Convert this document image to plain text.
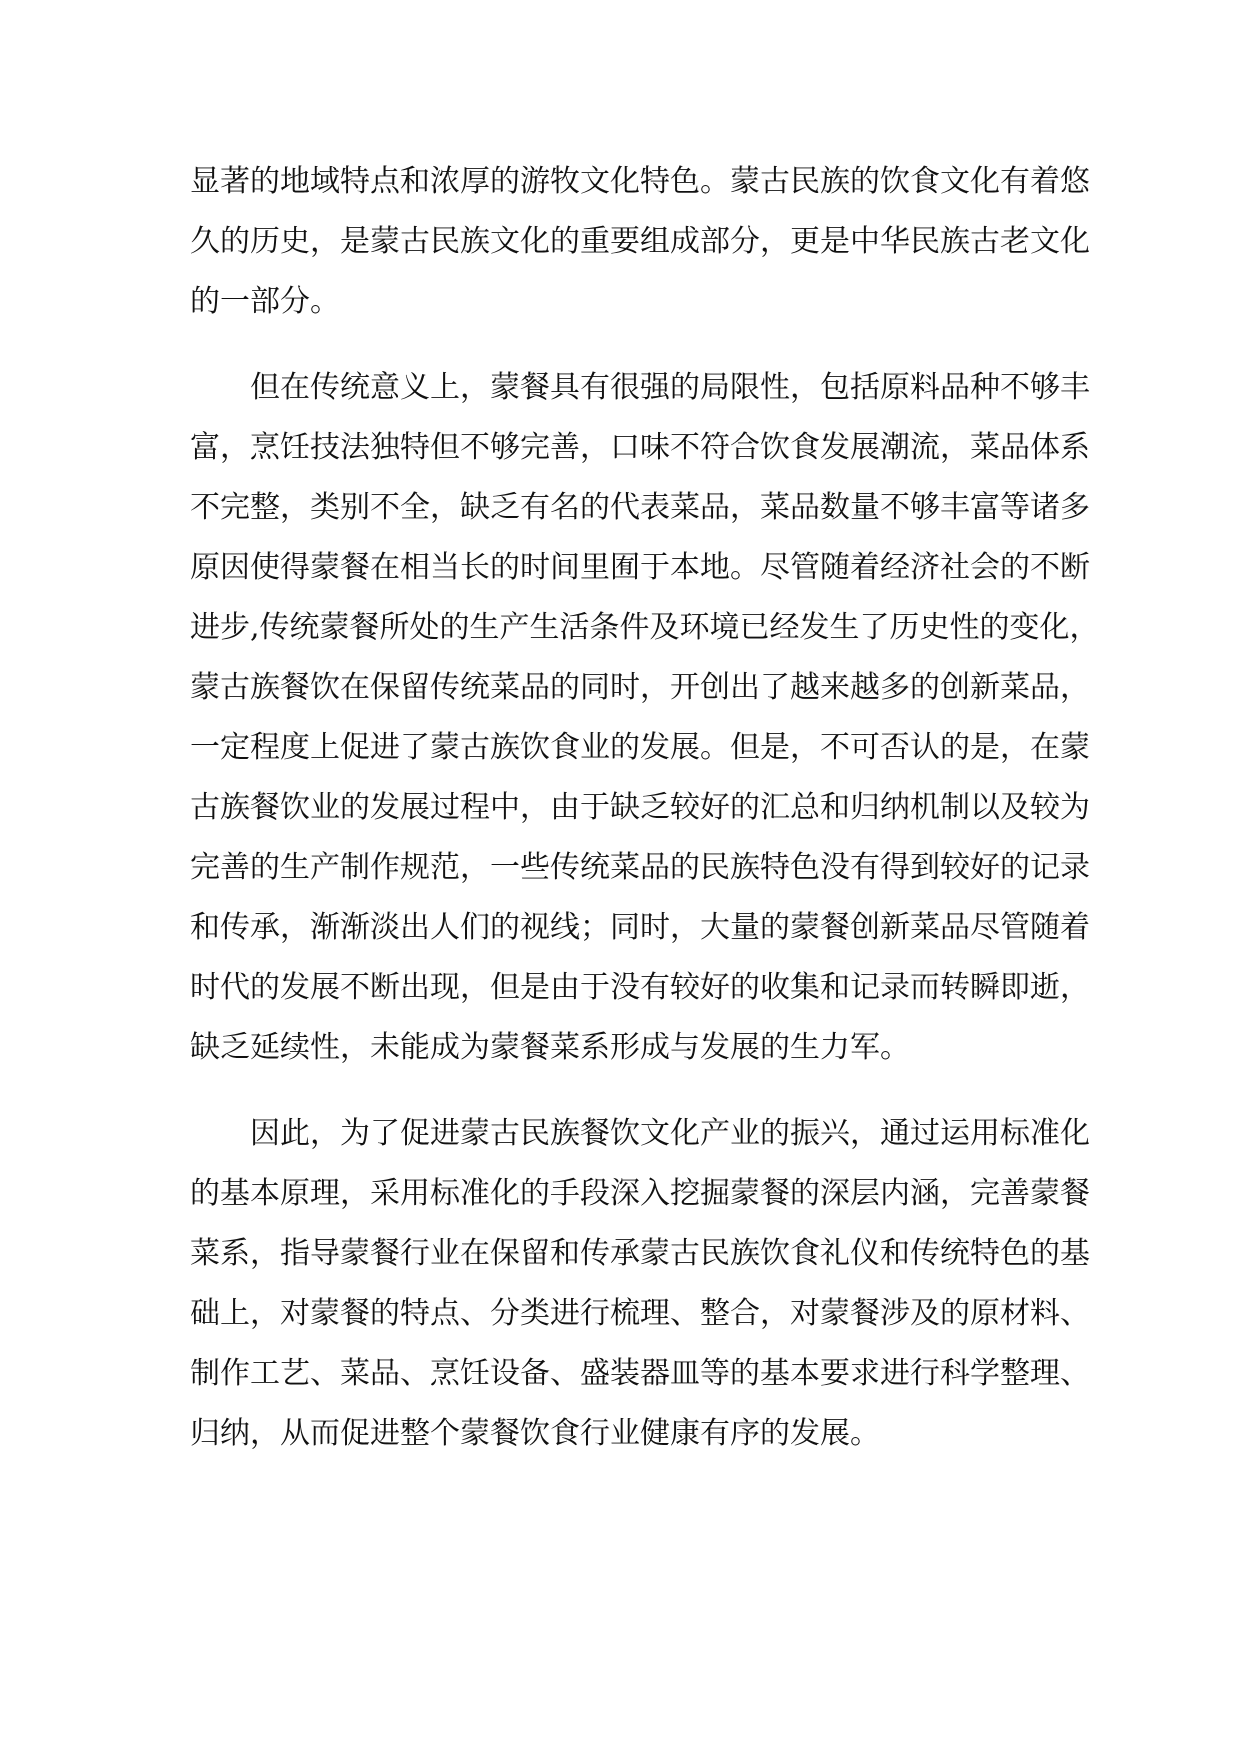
显著的地域特点和浓厚的游牧文化特色。蒙古民族的饮食文化有着悠
久的历史，是蒙古民族文化的重要组成部分，更是中华民族古老文化
的一部分。

但在传统意义上，蒙餐具有很强的局限性，包括原料品种不够丰
富，烹饪技法独特但不够完善，口味不符合饮食发展潮流，菜品体系
不完整，类别不全，缺乏有名的代表菜品，菜品数量不够丰富等诸多
原因使得蒙餐在相当长的时间里囿于本地。尽管随着经济社会的不断
进步,传统蒙餐所处的生产生活条件及环境已经发生了历史性的变化，
蒙古族餐饮在保留传统菜品的同时，开创出了越来越多的创新菜品，
一定程度上促进了蒙古族饮食业的发展。但是，不可否认的是，在蒙
古族餐饮业的发展过程中，由于缺乏较好的汇总和归纳机制以及较为
完善的生产制作规范，一些传统菜品的民族特色没有得到较好的记录
和传承，渐渐淡出人们的视线；同时，大量的蒙餐创新菜品尽管随着
时代的发展不断出现，但是由于没有较好的收集和记录而转瞬即逝，
缺乏延续性，未能成为蒙餐菜系形成与发展的生力军。

因此，为了促进蒙古民族餐饮文化产业的振兴，通过运用标准化
的基本原理，采用标准化的手段深入挖掘蒙餐的深层内涵，完善蒙餐
菜系，指导蒙餐行业在保留和传承蒙古民族饮食礼仪和传统特色的基
础上，对蒙餐的特点、分类进行梳理、整合，对蒙餐涉及的原材料、
制作工艺、菜品、烹饪设备、盛装器皿等的基本要求进行科学整理、
归纳，从而促进整个蒙餐饮食行业健康有序的发展。
